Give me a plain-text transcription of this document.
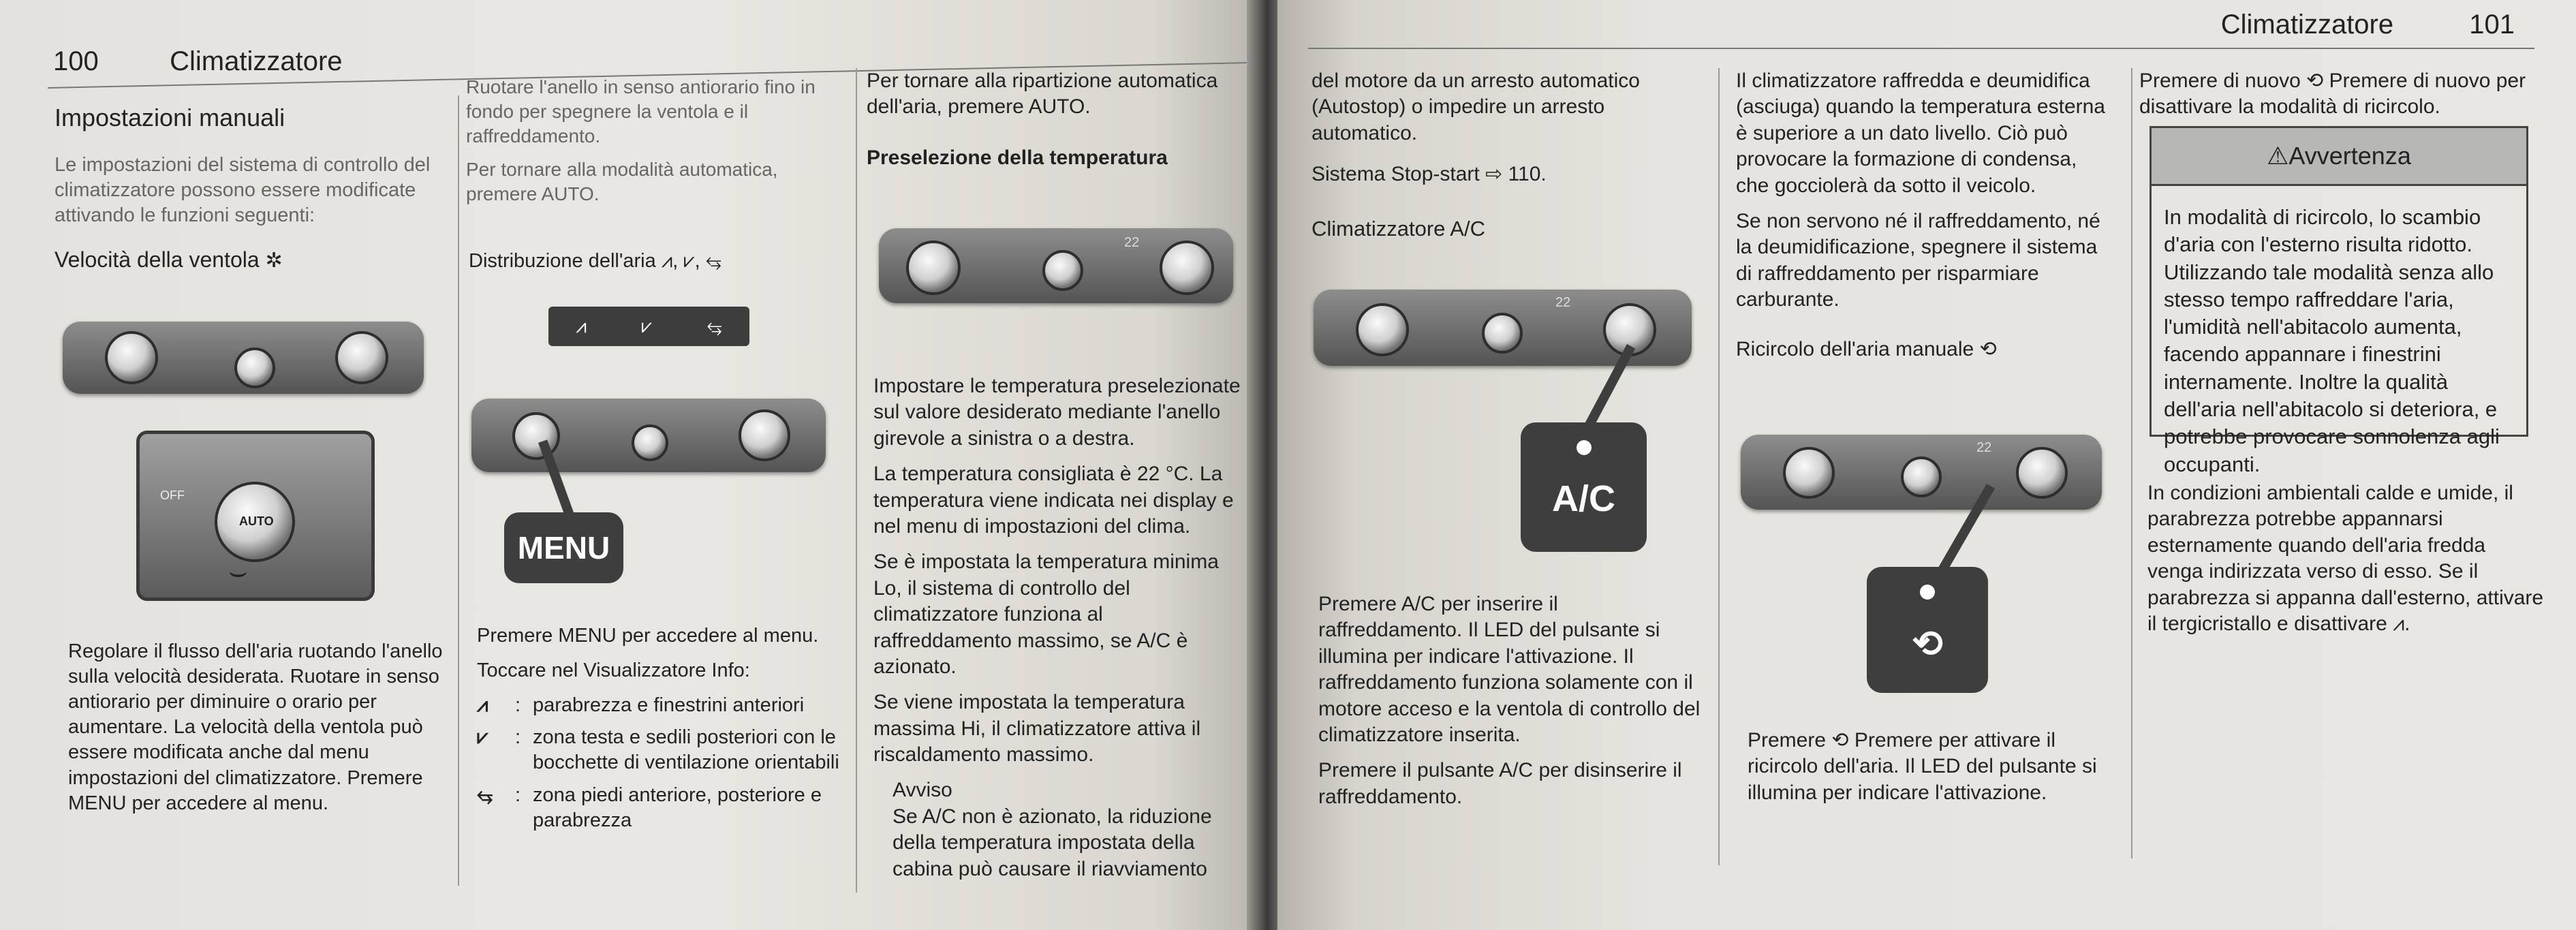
100	Climatizzatore
Impostazioni manuali

Le impostazioni del sistema di controllo del climatizzatore possono essere modificate attivando le funzioni seguenti:

Velocità della ventola ✲
OFF
AUTO
⌣
Regolare il flusso dell'aria ruotando l'anello sulla velocità desiderata. Ruotare in senso antiorario per diminuire o orario per aumentare. La velocità della ventola può essere modificata anche dal menu impostazioni del climatizzatore. Premere MENU per accedere al menu.

Ruotare l'anello in senso antiorario fino in fondo per spegnere la ventola e il raffreddamento.

Per tornare alla modalità automatica, premere AUTO.

Distribuzione dell'aria ⩘, ⩗, ⥃
⩘	⩗	⥃
MENU

Premere MENU per accedere al menu.

Toccare nel Visualizzatore Info:

⩘	: parabrezza e finestrini anteriori
⩗	: zona testa e sedili posteriori con le bocchette di ventilazione orientabili
⥃	: zona piedi anteriore, posteriore e parabrezza

Per tornare alla ripartizione automatica dell'aria, premere AUTO.

Preselezione della temperatura
22

Impostare le temperatura preselezionate sul valore desiderato mediante l'anello girevole a sinistra o a destra.

La temperatura consigliata è 22 °C. La temperatura viene indicata nei display e nel menu di impostazioni del clima.

Se è impostata la temperatura minima Lo, il sistema di controllo del climatizzatore funziona al raffreddamento massimo, se A/C è azionato.

Se viene impostata la temperatura massima Hi, il climatizzatore attiva il riscaldamento massimo.

Avviso
Se A/C non è azionato, la riduzione della temperatura impostata della cabina può causare il riavviamento
Climatizzatore	101

del motore da un arresto automatico (Autostop) o impedire un arresto automatico.

Sistema Stop-start ⇨ 110.

Climatizzatore A/C
22
A/C

Premere A/C per inserire il raffreddamento. Il LED del pulsante si illumina per indicare l'attivazione. Il raffreddamento funziona solamente con il motore acceso e la ventola di controllo del climatizzatore inserita.

Premere il pulsante A/C per disinserire il raffreddamento.

Il climatizzatore raffredda e deumidifica (asciuga) quando la temperatura esterna è superiore a un dato livello. Ciò può provocare la formazione di condensa, che gocciolerà da sotto il veicolo.

Se non servono né il raffreddamento, né la deumidificazione, spegnere il sistema di raffreddamento per risparmiare carburante.

Ricircolo dell'aria manuale ⟲
22
⟲
Premere ⟲ Premere per attivare il ricircolo dell'aria. Il LED del pulsante si illumina per indicare l'attivazione.
Premere di nuovo ⟲ Premere di nuovo per disattivare la modalità di ricircolo.
⚠Avvertenza
In modalità di ricircolo, lo scambio d'aria con l'esterno risulta ridotto. Utilizzando tale modalità senza allo stesso tempo raffreddare l'aria, l'umidità nell'abitacolo aumenta, facendo appannare i finestrini internamente. Inoltre la qualità dell'aria nell'abitacolo si deteriora, e potrebbe provocare sonnolenza agli occupanti.
In condizioni ambientali calde e umide, il parabrezza potrebbe appannarsi esternamente quando dell'aria fredda venga indirizzata verso di esso. Se il parabrezza si appanna dall'esterno, attivare il tergicristallo e disattivare ⩘.
